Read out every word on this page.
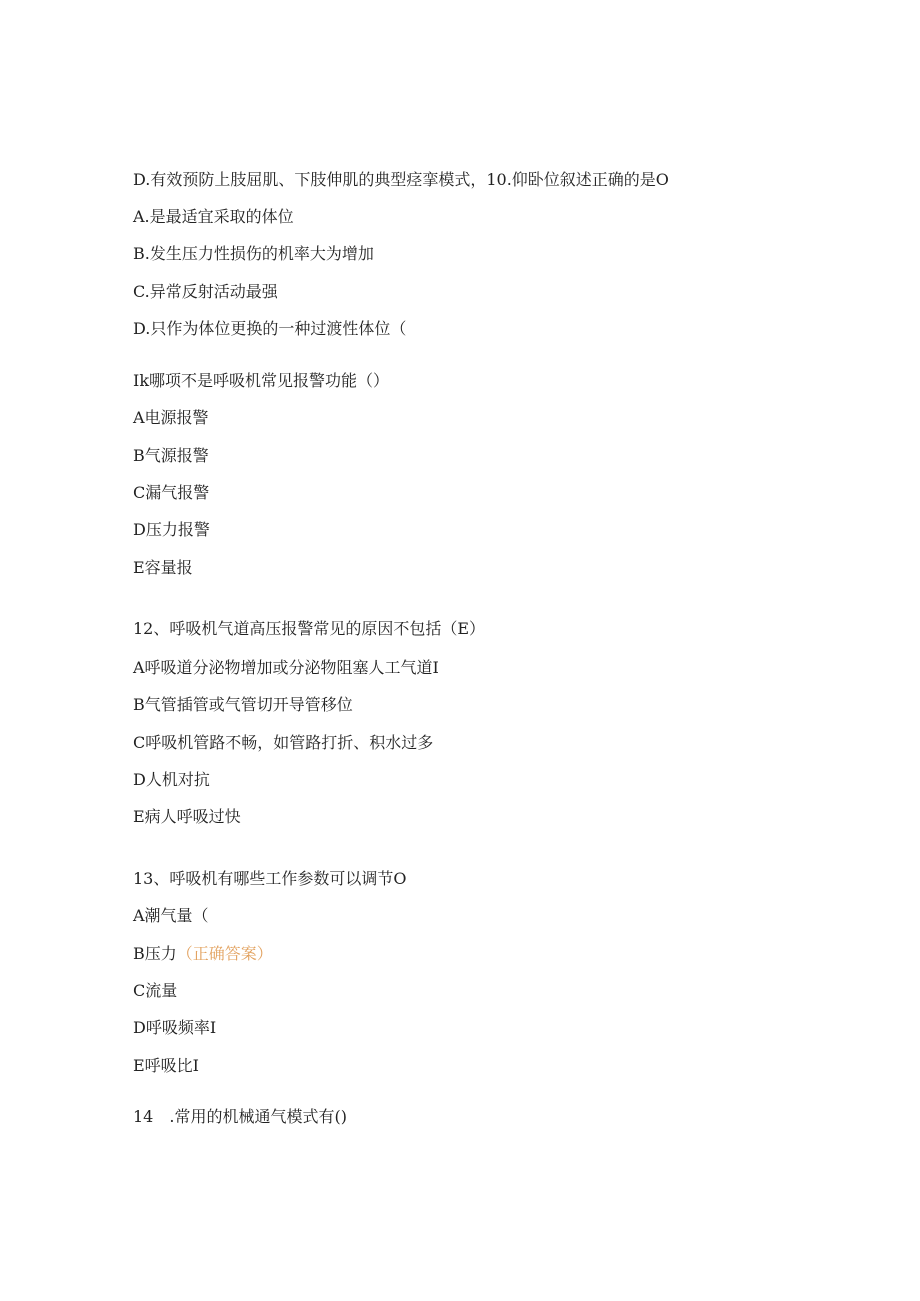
D.有效预防上肢屈肌、下肢伸肌的典型痉挛模式，10.仰卧位叙述正确的是O
A.是最适宜采取的体位
B.发生压力性损伤的机率大为增加
C.异常反射活动最强
D.只作为体位更换的一种过渡性体位（
Ik哪项不是呼吸机常见报警功能（）
A电源报警
B气源报警
C漏气报警
D压力报警
E容量报
12、呼吸机气道高压报警常见的原因不包括（E）
A呼吸道分泌物增加或分泌物阻塞人工气道I
B气管插管或气管切开导管移位
C呼吸机管路不畅，如管路打折、积水过多
D人机对抗
E病人呼吸过快
13、呼吸机有哪些工作参数可以调节O
A潮气量（
B压力（正确答案）
C流量
D呼吸频率I
E呼吸比I
14　.常用的机械通气模式有()
